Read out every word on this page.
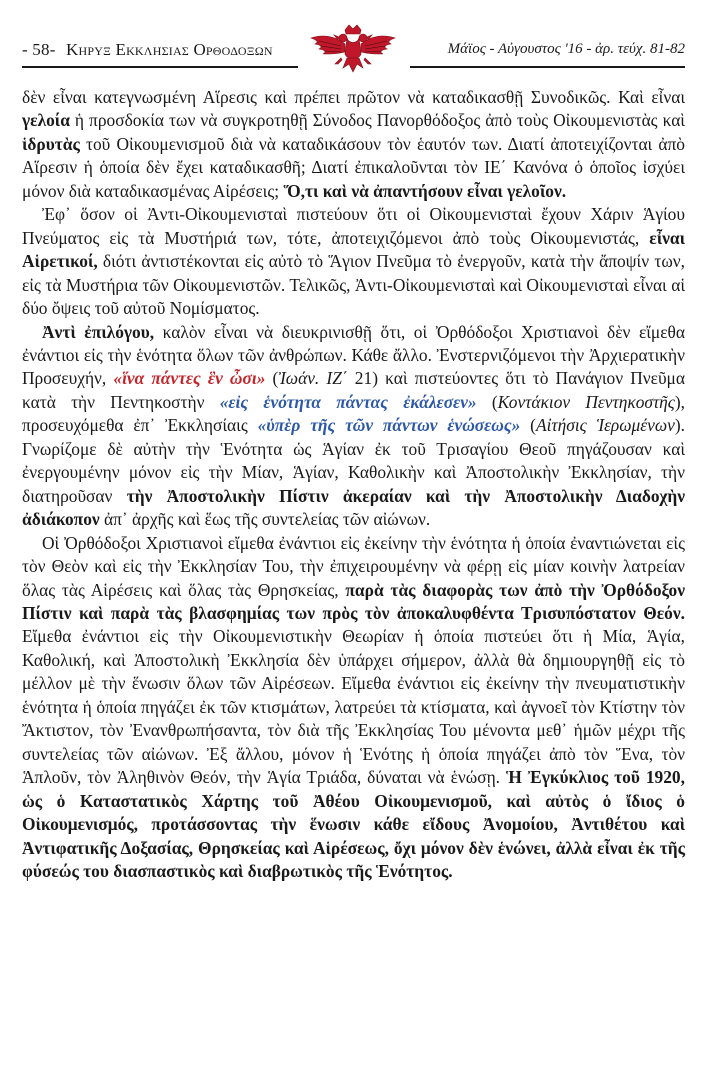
- 58- Κηρυξ Εκκλησιας Ορθοδοξων	Μάϊος - Αὐγουστος '16 - ἀρ. τεύχ. 81-82

δὲν εἶναι κατεγνωσμένη Αἵρεσις καὶ πρέπει πρῶτον νὰ καταδικασθῇ Συνοδικῶς. Καὶ εἶναι γελοία ἡ προσδοκία των νὰ συγκροτηθῇ Σύνοδος Πανορθόδοξος ἀπὸ τοὺς Οἰκουμενιστὰς καὶ ἱδρυτὰς τοῦ Οἰκουμενισμοῦ διὰ νὰ καταδικάσουν τὸν ἑαυτόν των. Διατί ἀποτειχίζονται ἀπὸ Αἵρεσιν ἡ ὁποία δὲν ἔχει καταδικασθῆ; Διατί ἐπικαλοῦνται τὸν ΙΕ΄ Κανόνα ὁ ὁποῖος ἰσχύει μόνον διὰ καταδικασμένας Αἱρέσεις; Ὅ,τι καὶ νὰ ἀπαντήσουν εἶναι γελοῖον.

Ἐφ᾽ ὅσον οἱ Ἀντι-Οἰκουμενισταὶ πιστεύουν ὅτι οἱ Οἰκουμενισταὶ ἔχουν Χάριν Ἁγίου Πνεύματος εἰς τὰ Μυστήριά των, τότε, ἀποτειχιζόμενοι ἀπὸ τοὺς Οἰκουμενιστάς, εἶναι Αἱρετικοί, διότι ἀντιστέκονται εἰς αὐτὸ τὸ Ἅγιον Πνεῦμα τὸ ἐνεργοῦν, κατὰ τὴν ἄποψίν των, εἰς τὰ Μυστήρια τῶν Οἰκουμενιστῶν. Τελικῶς, Ἀντι-Οἰκουμενισταὶ καὶ Οἰκουμενισταὶ εἶναι αἱ δύο ὄψεις τοῦ αὐτοῦ Νομίσματος.

Ἀντὶ ἐπιλόγου, καλὸν εἶναι νὰ διευκρινισθῇ ὅτι, οἱ Ὀρθόδοξοι Χριστιανοὶ δὲν εἴμεθα ἐνάντιοι εἰς τὴν ἑνότητα ὅλων τῶν ἀνθρώπων. Κάθε ἄλλο. Ἐνστερνιζόμενοι τὴν Ἀρχιερατικὴν Προσευχήν, «ἵνα πάντες ἓν ὦσι» (Ἰωάν. ΙΖ΄ 21) καὶ πιστεύοντες ὅτι τὸ Πανάγιον Πνεῦμα κατὰ τὴν Πεντηκοστὴν «εἰς ἑνότητα πάντας ἐκάλεσεν» (Κοντάκιον Πεντηκοστῆς), προσευχόμεθα ἐπ᾽ Ἐκκλησίαις «ὑπὲρ τῆς τῶν πάντων ἑνώσεως» (Αἰτήσις Ἱερωμένων). Γνωρίζομε δὲ αὐτὴν τὴν Ἑνότητα ὡς Ἁγίαν ἐκ τοῦ Τρισαγίου Θεοῦ πηγάζουσαν καὶ ἐνεργουμένην μόνον εἰς τὴν Μίαν, Ἁγίαν, Καθολικὴν καὶ Ἀποστολικὴν Ἐκκλησίαν, τὴν διατηροῦσαν τὴν Ἀποστολικὴν Πίστιν ἀκεραίαν καὶ τὴν Ἀποστολικὴν Διαδοχὴν ἀδιάκοπον ἀπ᾽ ἀρχῆς καὶ ἕως τῆς συντελείας τῶν αἰώνων.

Οἱ Ὀρθόδοξοι Χριστιανοὶ εἴμεθα ἐνάντιοι εἰς ἐκείνην τὴν ἑνότητα ἡ ὁποία ἐναντιώνεται εἰς τὸν Θεὸν καὶ εἰς τὴν Ἐκκλησίαν Του, τὴν ἐπιχειρουμένην νὰ φέρῃ εἰς μίαν κοινὴν λατρείαν ὅλας τὰς Αἱρέσεις καὶ ὅλας τὰς Θρησκείας, παρὰ τὰς διαφορὰς των ἀπὸ τὴν Ὀρθόδοξον Πίστιν καὶ παρὰ τὰς βλασφημίας των πρὸς τὸν ἀποκαλυφθέντα Τρισυπόστατον Θεόν. Εἴμεθα ἐνάντιοι εἰς τὴν Οἰκουμενιστικὴν Θεωρίαν ἡ ὁποία πιστεύει ὅτι ἡ Μία, Ἁγία, Καθολική, καὶ Ἀποστολικὴ Ἐκκλησία δὲν ὑπάρχει σήμερον, ἀλλὰ θὰ δημιουργηθῇ εἰς τὸ μέλλον μὲ τὴν ἕνωσιν ὅλων τῶν Αἱρέσεων. Εἴμεθα ἐνάντιοι εἰς ἐκείνην τὴν πνευματιστικὴν ἑνότητα ἡ ὁποία πηγάζει ἐκ τῶν κτισμάτων, λατρεύει τὰ κτίσματα, καὶ ἀγνοεῖ τὸν Κτίστην τὸν Ἄκτιστον, τὸν Ἐνανθρωπήσαντα, τὸν διὰ τῆς Ἐκκλησίας Του μένοντα μεθ᾽ ἡμῶν μέχρι τῆς συντελείας τῶν αἰώνων. Ἐξ ἄλλου, μόνον ἡ Ἑνότης ἡ ὁποία πηγάζει ἀπὸ τὸν Ἕνα, τὸν Ἁπλοῦν, τὸν Ἀληθινὸν Θεόν, τὴν Ἁγία Τριάδα, δύναται νὰ ἑνώσῃ. Ἡ Ἐγκύκλιος τοῦ 1920, ὡς ὁ Καταστατικὸς Χάρτης τοῦ Ἀθέου Οἰκουμενισμοῦ, καὶ αὐτὸς ὁ ἴδιος ὁ Οἰκουμενισμός, προτάσσοντας τὴν ἕνωσιν κάθε εἴδους Ἀνομοίου, Ἀντιθέτου καὶ Ἀντιφατικῆς Δοξασίας, Θρησκείας καὶ Αἱρέσεως, ὄχι μόνον δὲν ἑνώνει, ἀλλὰ εἶναι ἐκ τῆς φύσεώς του διασπαστικὸς καὶ διαβρωτικὸς τῆς Ἑνότητος.
